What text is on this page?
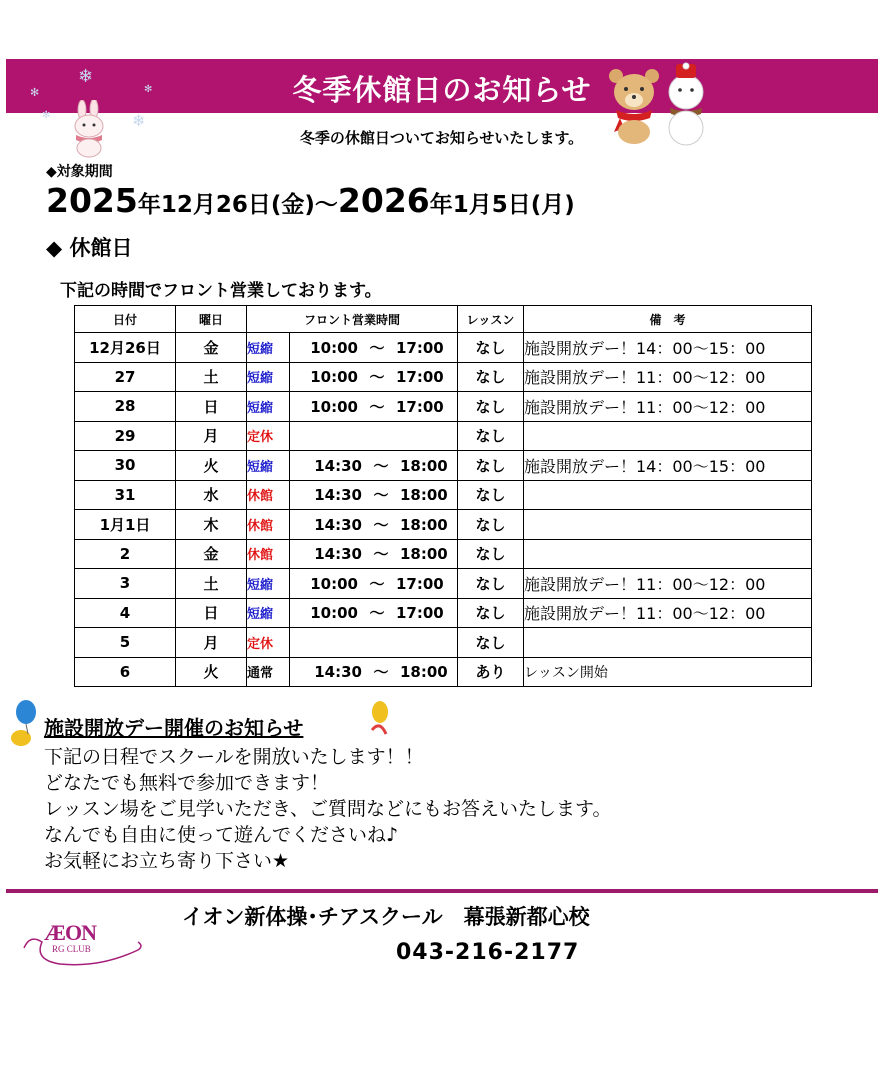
冬季休館日のお知らせ
❄
✻
❄
✻
✻
冬季の休館日ついてお知らせいたします。
◆対象期間
2025年12月26日(金)～2026年1月5日(月)
◆ 休館日
下記の時間でフロント営業しております。
日付	曜日	フロント営業時間		レッスン	備　考
12月26日	金	短縮	10:00 ～ 17:00	なし	施設開放デー！14：00～15：00
27	土	短縮	10:00 ～ 17:00	なし	施設開放デー！11：00～12：00
28	日	短縮	10:00 ～ 17:00	なし	施設開放デー！11：00～12：00
29	月	定休		なし	
30	火	短縮	14:30 ～ 18:00	なし	施設開放デー！14：00～15：00
31	水	休館	14:30 ～ 18:00	なし	
1月1日	木	休館	14:30 ～ 18:00	なし	
2	金	休館	14:30 ～ 18:00	なし	
3	土	短縮	10:00 ～ 17:00	なし	施設開放デー！11：00～12：00
4	日	短縮	10:00 ～ 17:00	なし	施設開放デー！11：00～12：00
5	月	定休		なし	
6	火	通常	14:30 ～ 18:00	あり	レッスン開始
施設開放デー開催のお知らせ
下記の日程でスクールを開放いたします！！
どなたでも無料で参加できます！
レッスン場をご見学いただき、ご質問などにもお答えいたします。
なんでも自由に使って遊んでくださいね♪
お気軽にお立ち寄り下さい★
ÆON
RG CLUB
イオン新体操･チアスクール　幕張新都心校
043-216-2177
